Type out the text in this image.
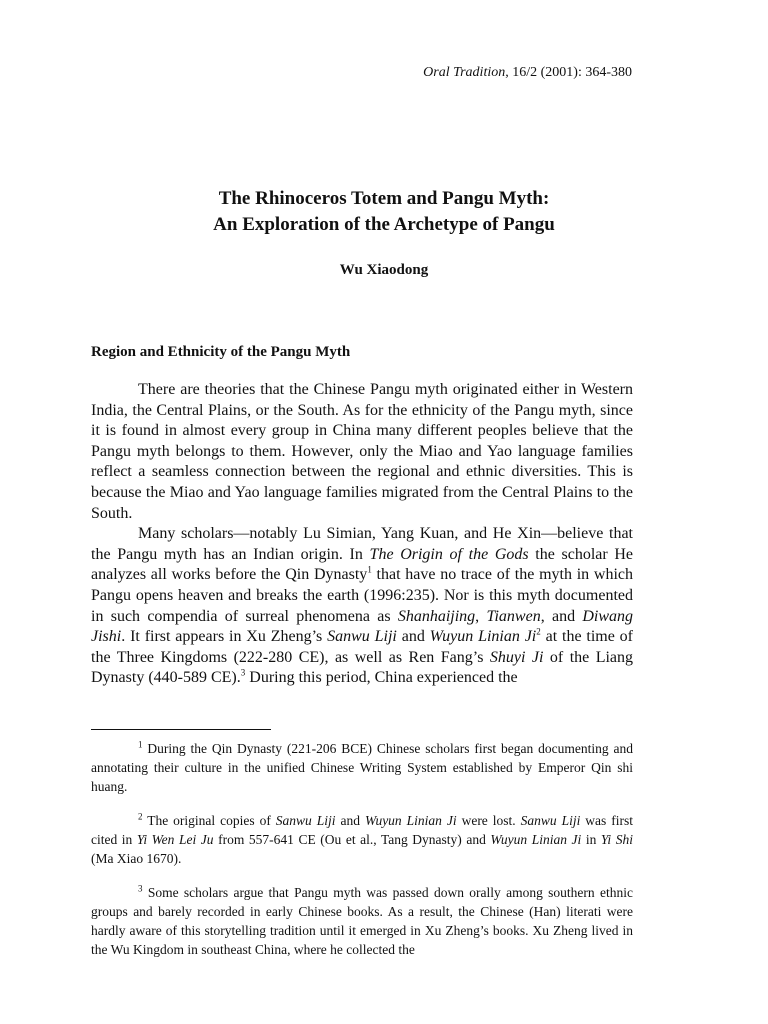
Oral Tradition, 16/2 (2001): 364-380
The Rhinoceros Totem and Pangu Myth:
An Exploration of the Archetype of Pangu
Wu Xiaodong
Region and Ethnicity of the Pangu Myth

There are theories that the Chinese Pangu myth originated either in Western India, the Central Plains, or the South. As for the ethnicity of the Pangu myth, since it is found in almost every group in China many different peoples believe that the Pangu myth belongs to them. However, only the Miao and Yao language families reflect a seamless connection between the regional and ethnic diversities. This is because the Miao and Yao language families migrated from the Central Plains to the South.

Many scholars—notably Lu Simian, Yang Kuan, and He Xin—believe that the Pangu myth has an Indian origin. In The Origin of the Gods the scholar He analyzes all works before the Qin Dynasty$^1$ that have no trace of the myth in which Pangu opens heaven and breaks the earth (1996:235). Nor is this myth documented in such compendia of surreal phenomena as Shanhaijing, Tianwen, and Diwang Jishi. It first appears in Xu Zheng’s Sanwu Liji and Wuyun Linian Ji$^2$ at the time of the Three Kingdoms (222-280 CE), as well as Ren Fang’s Shuyi Ji of the Liang Dynasty (440-589 CE).$^3$ During this period, China experienced the

$^1$ During the Qin Dynasty (221-206 BCE) Chinese scholars first began documenting and annotating their culture in the unified Chinese Writing System established by Emperor Qin shi huang.

$^2$ The original copies of Sanwu Liji and Wuyun Linian Ji were lost. Sanwu Liji was first cited in Yi Wen Lei Ju from 557-641 CE (Ou et al., Tang Dynasty) and Wuyun Linian Ji in Yi Shi (Ma Xiao 1670).

$^3$ Some scholars argue that Pangu myth was passed down orally among southern ethnic groups and barely recorded in early Chinese books. As a result, the Chinese (Han) literati were hardly aware of this storytelling tradition until it emerged in Xu Zheng’s books. Xu Zheng lived in the Wu Kingdom in southeast China, where he collected the
